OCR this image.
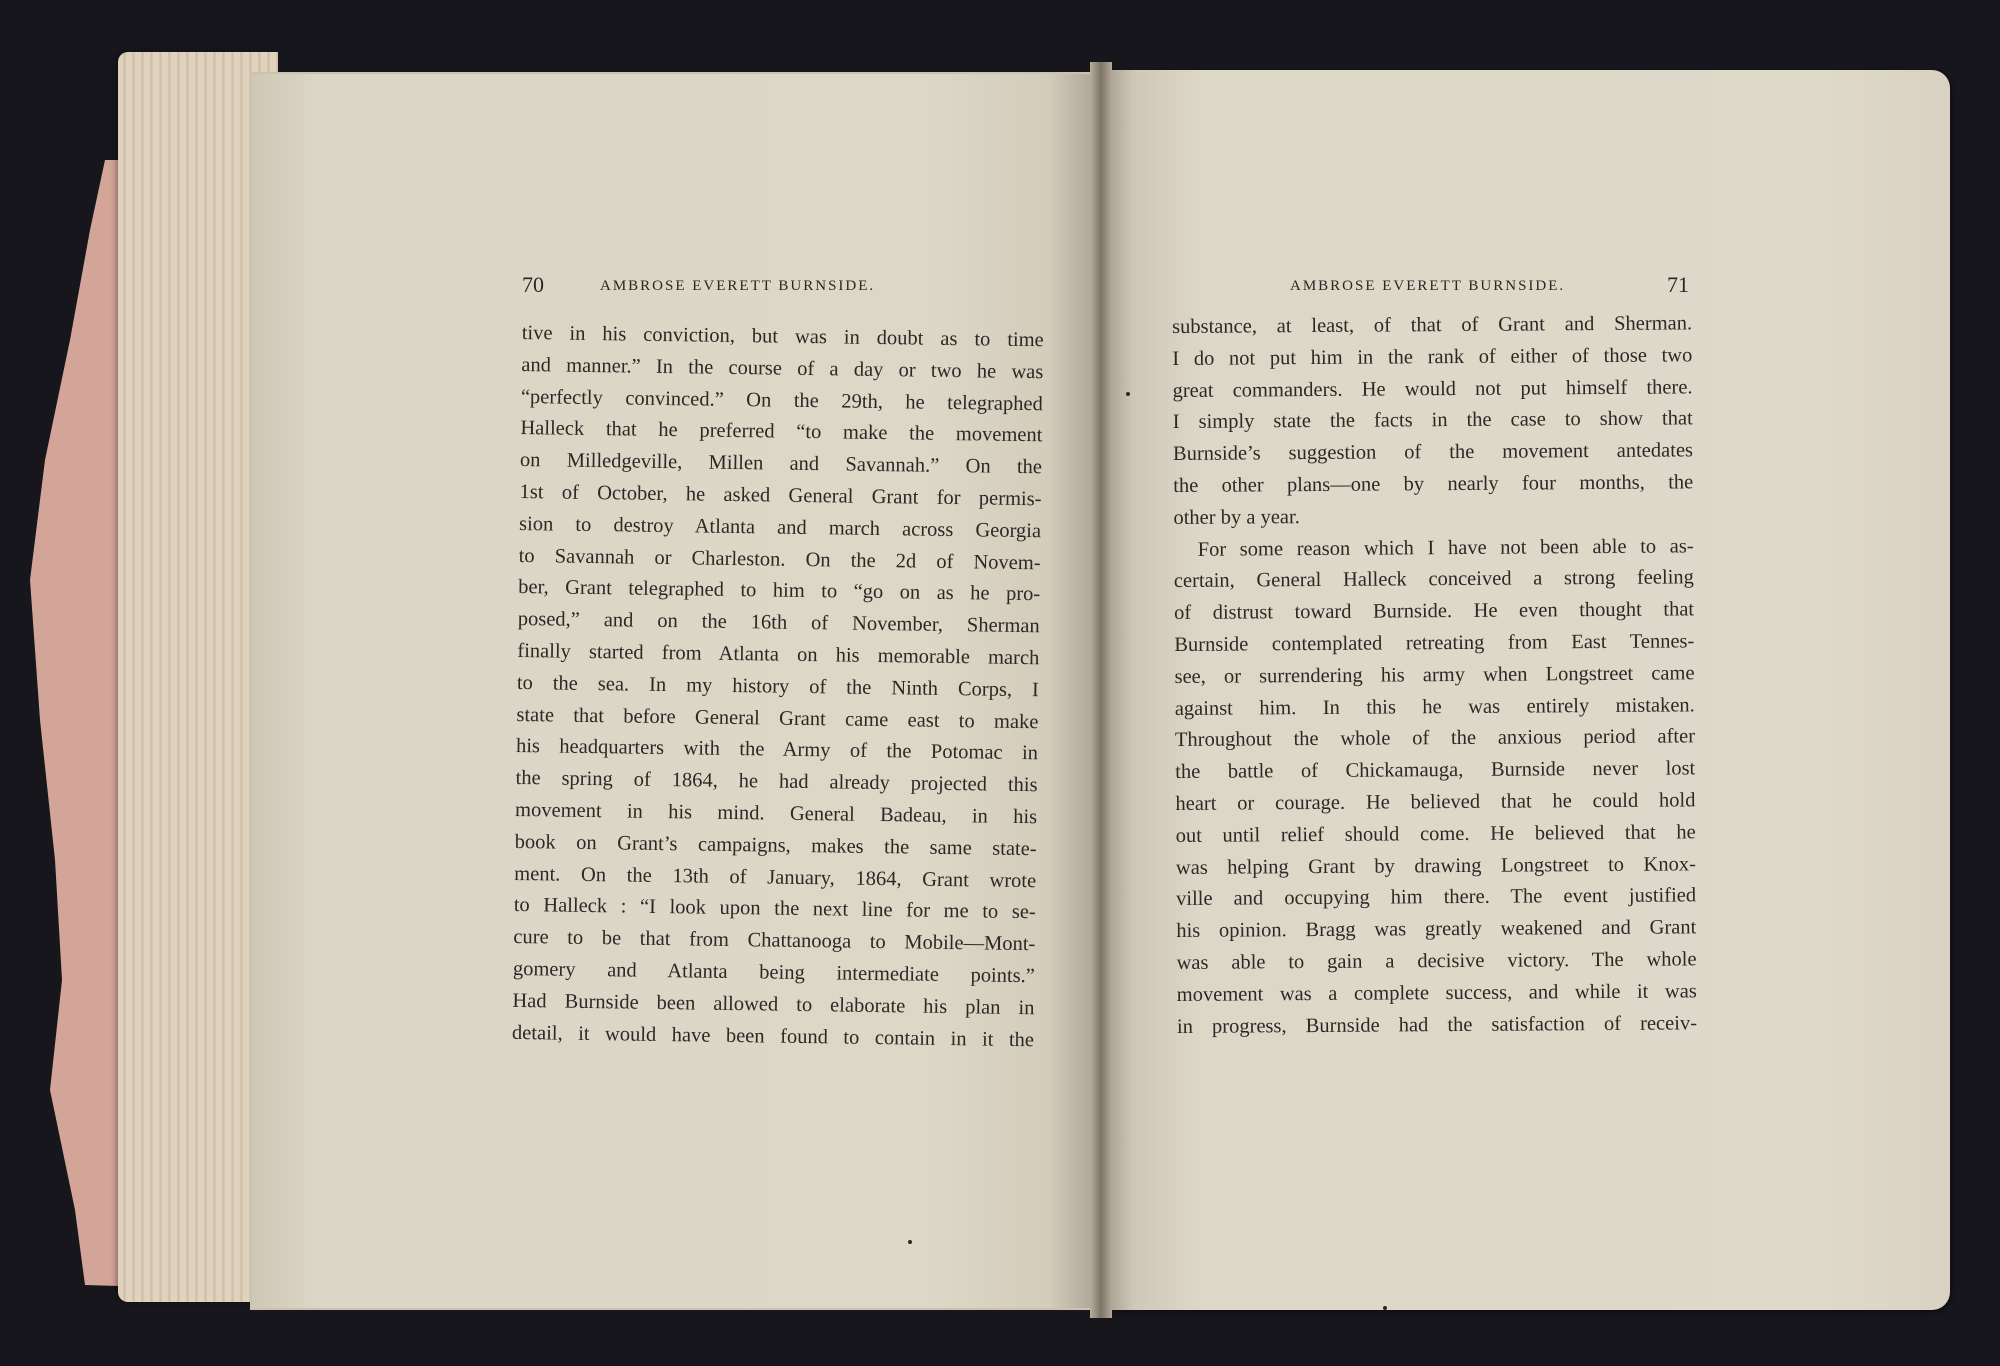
70	AMBROSE EVERETT BURNSIDE.	AMBROSE EVERETT BURNSIDE.	71

tive in his conviction, but was in doubt as to time

and manner.” In the course of a day or two he was

“perfectly convinced.” On the 29th, he telegraphed

Halleck that he preferred “to make the movement

on Milledgeville, Millen and Savannah.” On the

1st of October, he asked General Grant for permis-

sion to destroy Atlanta and march across Georgia

to Savannah or Charleston. On the 2d of Novem-

ber, Grant telegraphed to him to “go on as he pro-

posed,” and on the 16th of November, Sherman

finally started from Atlanta on his memorable march

to the sea. In my history of the Ninth Corps, I

state that before General Grant came east to make

his headquarters with the Army of the Potomac in

the spring of 1864, he had already projected this

movement in his mind. General Badeau, in his

book on Grant’s campaigns, makes the same state-

ment. On the 13th of January, 1864, Grant wrote

to Halleck : “I look upon the next line for me to se-

cure to be that from Chattanooga to Mobile—Mont-

gomery and Atlanta being intermediate points.”

Had Burnside been allowed to elaborate his plan in

detail, it would have been found to contain in it the

substance, at least, of that of Grant and Sherman.

I do not put him in the rank of either of those two

great commanders. He would not put himself there.

I simply state the facts in the case to show that

Burnside’s suggestion of the movement antedates

the other plans—one by nearly four months, the

other by a year.

For some reason which I have not been able to as-

certain, General Halleck conceived a strong feeling

of distrust toward Burnside. He even thought that

Burnside contemplated retreating from East Tennes-

see, or surrendering his army when Longstreet came

against him. In this he was entirely mistaken.

Throughout the whole of the anxious period after

the battle of Chickamauga, Burnside never lost

heart or courage. He believed that he could hold

out until relief should come. He believed that he

was helping Grant by drawing Longstreet to Knox-

ville and occupying him there. The event justified

his opinion. Bragg was greatly weakened and Grant

was able to gain a decisive victory. The whole

movement was a complete success, and while it was

in progress, Burnside had the satisfaction of receiv-
